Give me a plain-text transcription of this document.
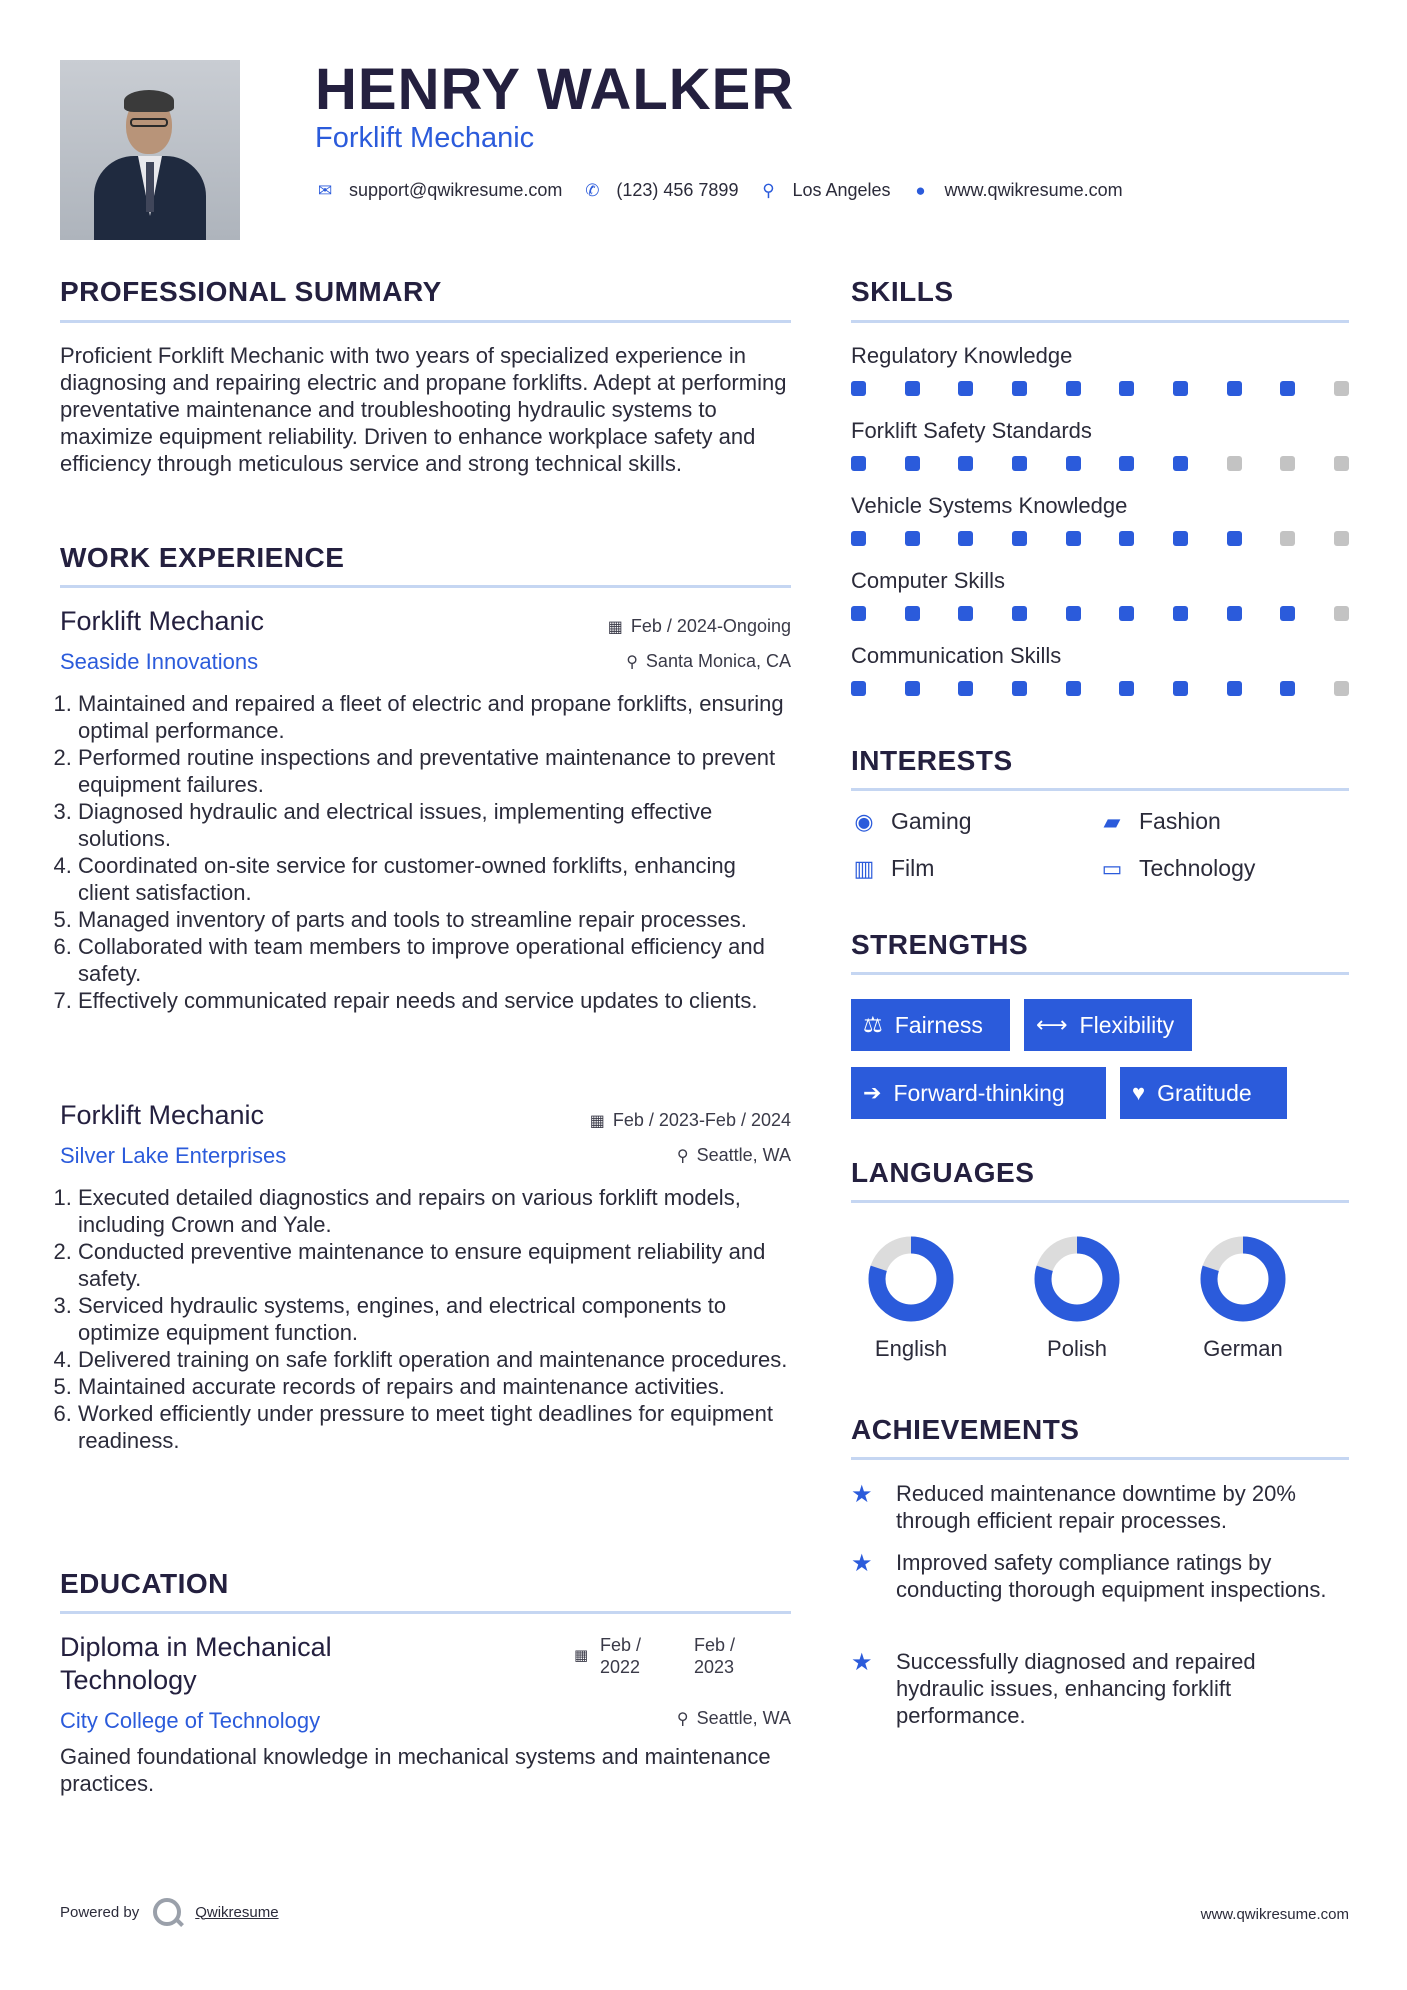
HENRY WALKER
Forklift Mechanic
✉ support@qwikresume.com ✆ (123) 456 7899 ⚲ Los Angeles ● www.qwikresume.com
PROFESSIONAL SUMMARY
Proficient Forklift Mechanic with two years of specialized experience in diagnosing and repairing electric and propane forklifts. Adept at performing preventative maintenance and troubleshooting hydraulic systems to maximize equipment reliability. Driven to enhance workplace safety and efficiency through meticulous service and strong technical skills.
WORK EXPERIENCE
Forklift Mechanic	▦ Feb / 2024-Ongoing
Seaside Innovations	⚲ Santa Monica, CA
1. Maintained and repaired a fleet of electric and propane forklifts, ensuring optimal performance.
2. Performed routine inspections and preventative maintenance to prevent equipment failures.
3. Diagnosed hydraulic and electrical issues, implementing effective solutions.
4. Coordinated on-site service for customer-owned forklifts, enhancing client satisfaction.
5. Managed inventory of parts and tools to streamline repair processes.
6. Collaborated with team members to improve operational efficiency and safety.
7. Effectively communicated repair needs and service updates to clients.
Forklift Mechanic	▦ Feb / 2023-Feb / 2024
Silver Lake Enterprises	⚲ Seattle, WA
1. Executed detailed diagnostics and repairs on various forklift models, including Crown and Yale.
2. Conducted preventive maintenance to ensure equipment reliability and safety.
3. Serviced hydraulic systems, engines, and electrical components to optimize equipment function.
4. Delivered training on safe forklift operation and maintenance procedures.
5. Maintained accurate records of repairs and maintenance activities.
6. Worked efficiently under pressure to meet tight deadlines for equipment readiness.
EDUCATION
Diploma in Mechanical
Technology
▦
Feb /
2022
Feb /
2023
City College of Technology	⚲ Seattle, WA
Gained foundational knowledge in mechanical systems and maintenance practices.
SKILLS
Regulatory Knowledge
Forklift Safety Standards
Vehicle Systems Knowledge
Computer Skills
Communication Skills
INTERESTS
◉ Gaming	▰ Fashion
▥ Film	▭ Technology
STRENGTHS
⚖ Fairness ⟷ Flexibility
➔ Forward-thinking	♥ Gratitude
LANGUAGES
English	Polish	German
ACHIEVEMENTS
★	Reduced maintenance downtime by 20% through efficient repair processes.
★	Improved safety compliance ratings by conducting thorough equipment inspections.
★	Successfully diagnosed and repaired hydraulic issues, enhancing forklift performance.
Powered by	Qwikresume	www.qwikresume.com
